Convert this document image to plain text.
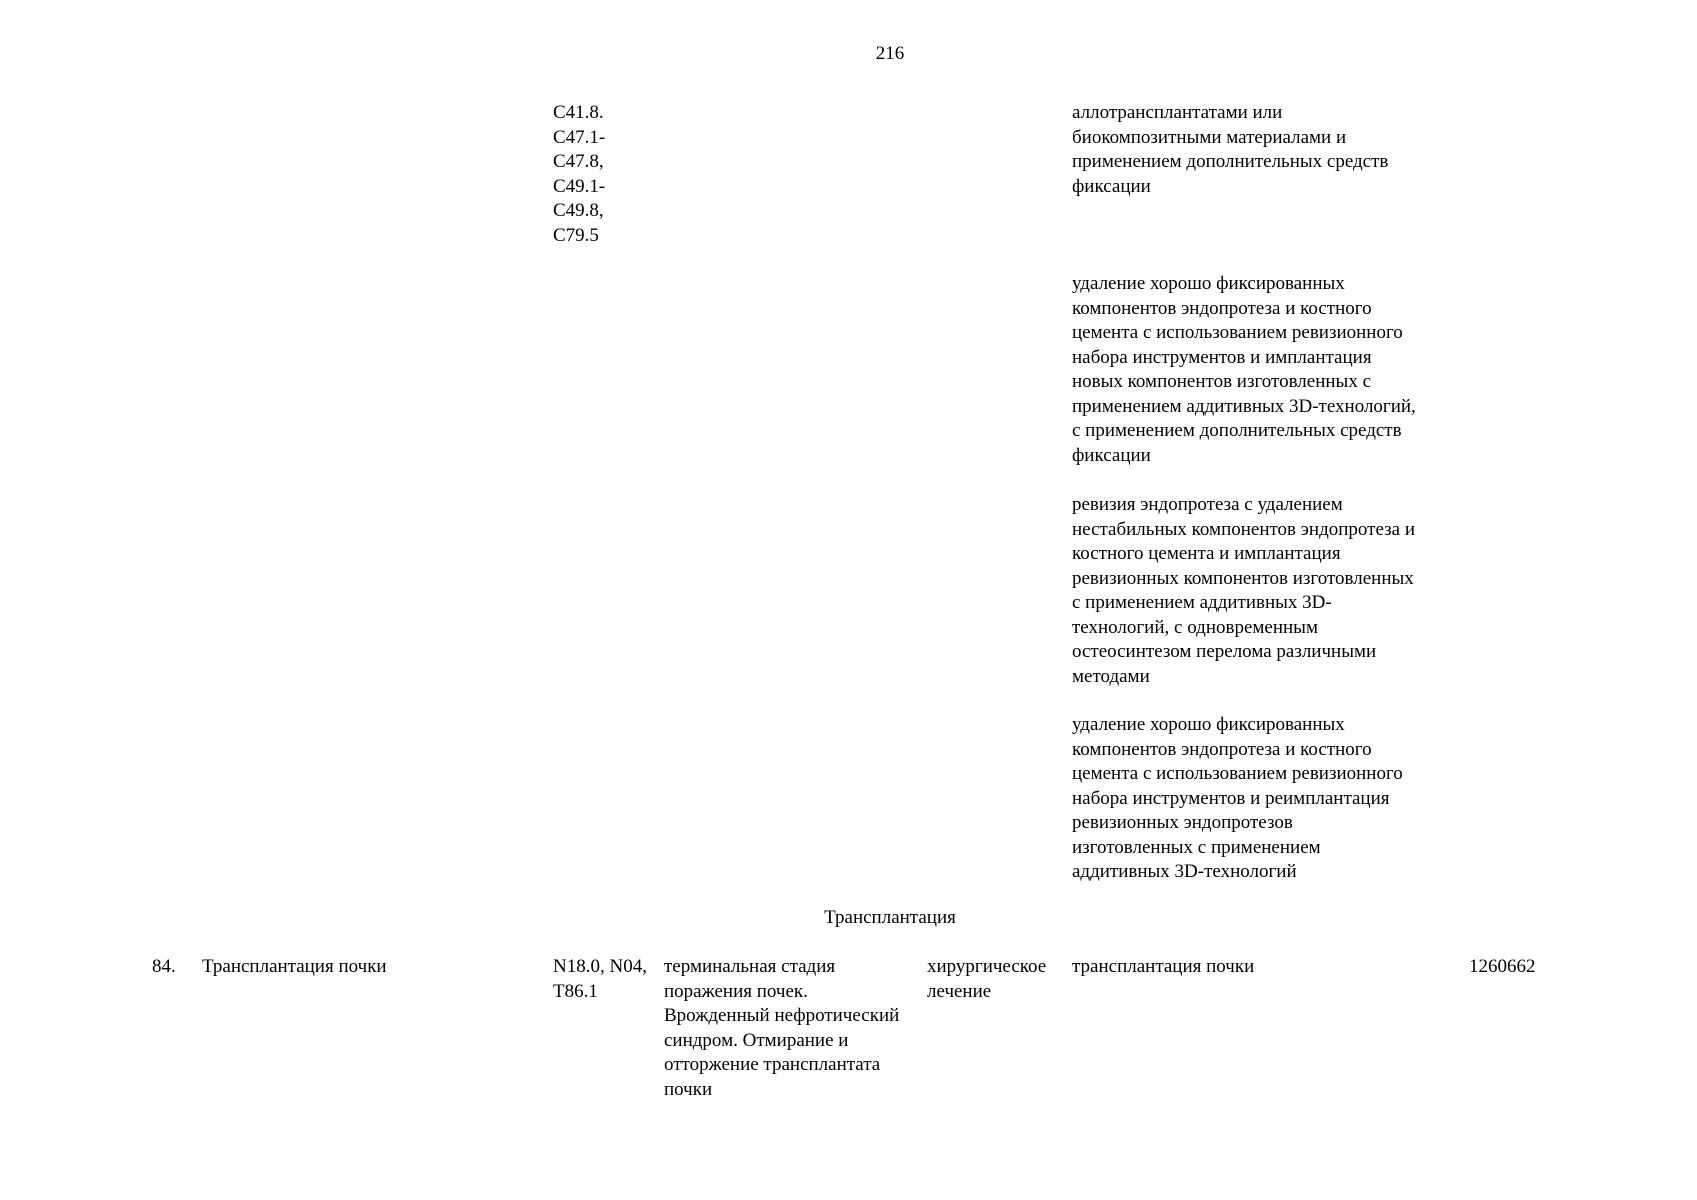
216
C41.8.
C47.1-
C47.8,
C49.1-
C49.8,
C79.5
аллотрансплантатами или
биокомпозитными материалами и
применением дополнительных средств
фиксации
удаление хорошо фиксированных
компонентов эндопротеза и костного
цемента с использованием ревизионного
набора инструментов и имплантация
новых компонентов изготовленных с
применением аддитивных 3D-технологий,
с применением дополнительных средств
фиксации
ревизия эндопротеза с удалением
нестабильных компонентов эндопротеза и
костного цемента и имплантация
ревизионных компонентов изготовленных
с применением аддитивных 3D-
технологий, с одновременным
остеосинтезом перелома различными
методами
удаление хорошо фиксированных
компонентов эндопротеза и костного
цемента с использованием ревизионного
набора инструментов и реимплантация
ревизионных эндопротезов
изготовленных с применением
аддитивных 3D-технологий
Трансплантация
84. Трансплантация почки	N18.0, N04,
T86.1
терминальная стадия
поражения почек.
Врожденный нефротический
синдром. Отмирание и
отторжение трансплантата
почки
хирургическое
лечение
трансплантация почки	1260662
